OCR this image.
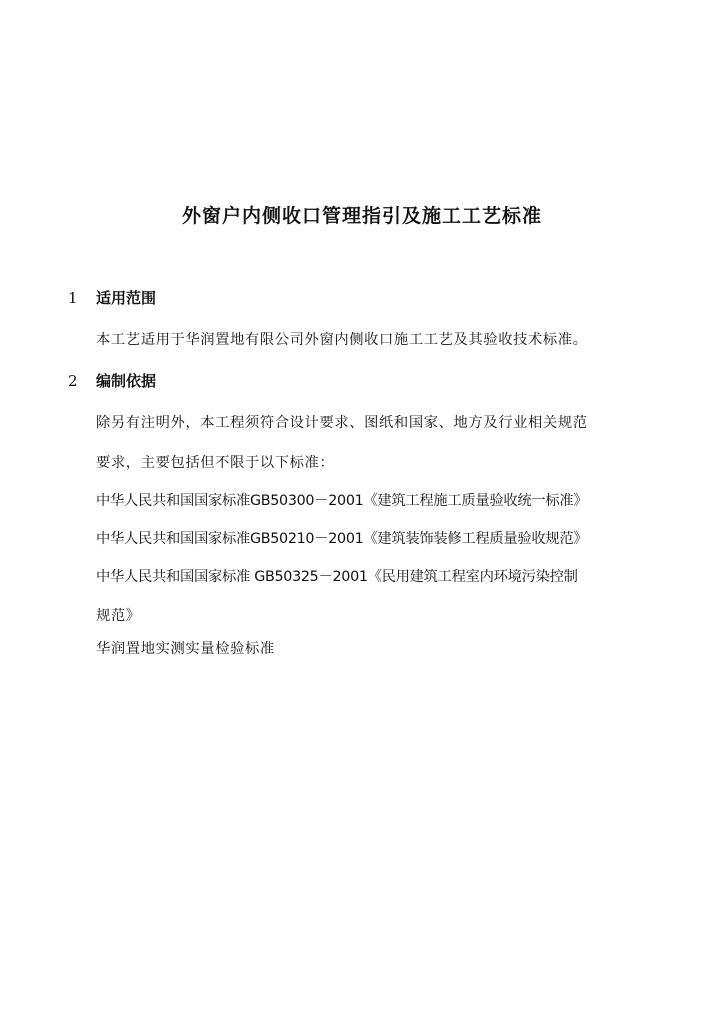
外窗户内侧收口管理指引及施工工艺标准
1 适用范围
本工艺适用于华润置地有限公司外窗内侧收口施工工艺及其验收技术标准。
2 编制依据
除另有注明外，本工程须符合设计要求、图纸和国家、地方及行业相关规范
要求，主要包括但不限于以下标准：
中华人民共和国国家标准GB50300－2001《建筑工程施工质量验收统一标准》
中华人民共和国国家标准GB50210－2001《建筑装饰装修工程质量验收规范》
中华人民共和国国家标准 GB50325－2001《民用建筑工程室内环境污染控制
规范》
华润置地实测实量检验标准
